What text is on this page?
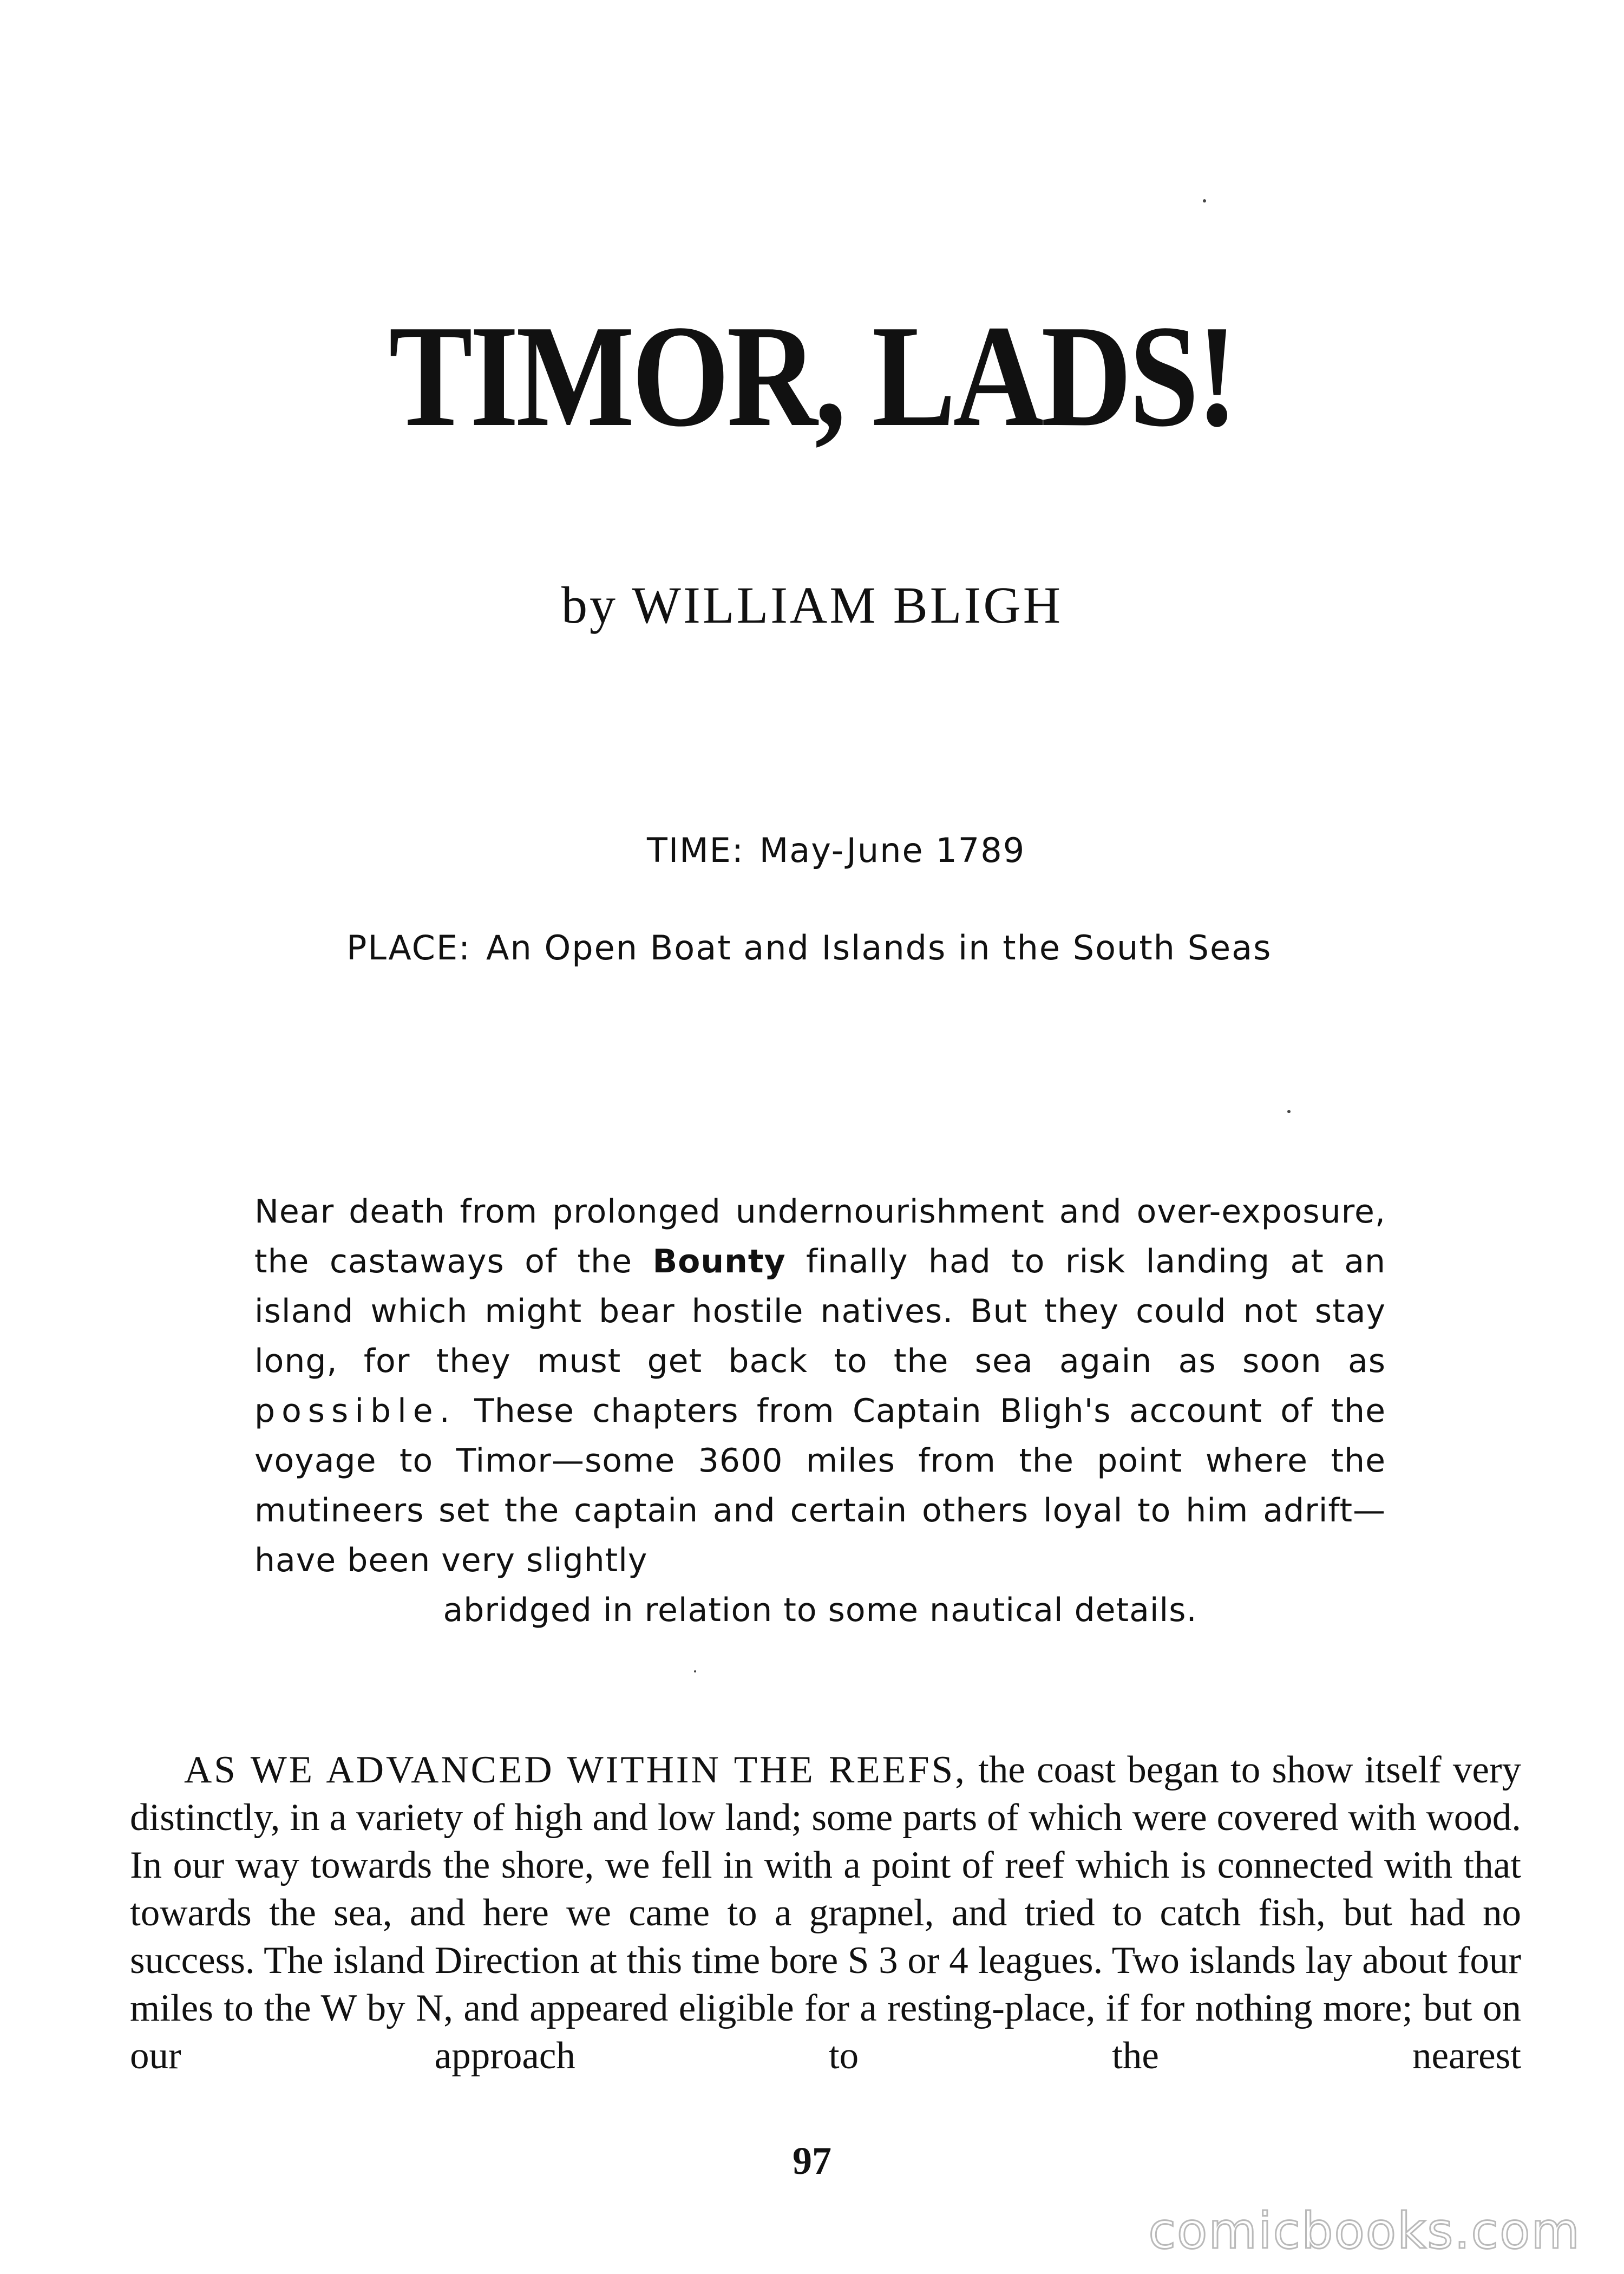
TIMOR, LADS!
by WILLIAM BLIGH
TIME: May-June 1789
PLACE: An Open Boat and Islands in the South Seas

Near death from prolonged undernourishment and over-exposure, the castaways of the Bounty finally had to risk landing at an island which might bear hostile natives. But they could not stay long, for they must get back to the sea again as soon as possible. These chapters from Captain Bligh's account of the voyage to Timor—some 3600 miles from the point where the mutineers set the captain and certain others loyal to him adrift—have been very slightly
abridged in relation to some nautical details.

AS WE ADVANCED WITHIN THE REEFS, the coast began to show itself very distinctly, in a variety of high and low land; some parts of which were covered with wood. In our way towards the shore, we fell in with a point of reef which is connected with that towards the sea, and here we came to a grapnel, and tried to catch fish, but had no success. The island Direction at this time bore S 3 or 4 leagues. Two islands lay about four miles to the W by N, and appeared eligible for a resting-place, if for nothing more; but on our approach to the nearest

97
comicbooks.com
